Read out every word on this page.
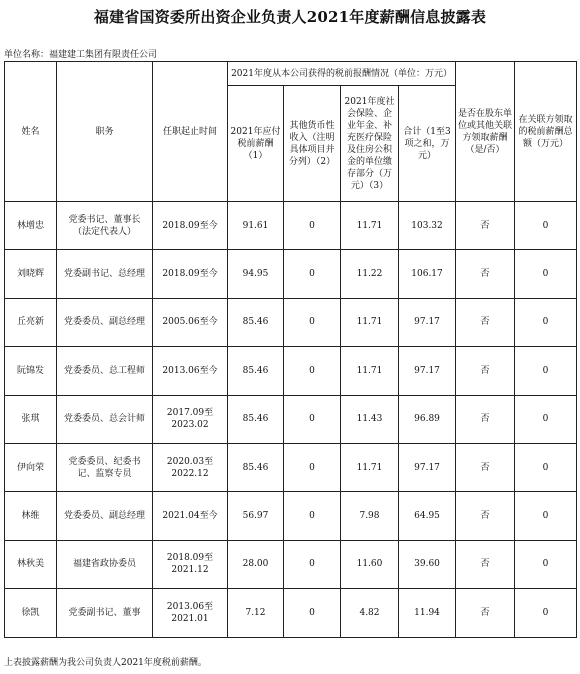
福建省国资委所出资企业负责人2021年度薪酬信息披露表
单位名称：福建建工集团有限责任公司
姓名	职务	任职起止时间	2021年度从本公司获得的税前报酬情况（单位：万元）				是否在股东单位或其他关联方领取薪酬（是/否）	在关联方领取的税前薪酬总额（万元）

			2021年应付税前薪酬（1）	其他货币性收入（注明具体项目并分列）（2）	2021年度社会保险、企业年金、补充医疗保险及住房公积金的单位缴存部分（万元）（3）	合计（1至3项之和，万元）		

林增忠	党委书记、董事长（法定代表人）	2018.09至今	91.61	0	11.71	103.32	否	0
刘晓辉	党委副书记、总经理	2018.09至今	94.95	0	11.22	106.17	否	0
丘亮新	党委委员、副总经理	2005.06至今	85.46	0	11.71	97.17	否	0
阮锦发	党委委员、总工程师	2013.06至今	85.46	0	11.71	97.17	否	0
张琪	党委委员、总会计师	2017.09至2023.02	85.46	0	11.43	96.89	否	0
伊向荣	党委委员、纪委书记、监察专员	2020.03至2022.12	85.46	0	11.71	97.17	否	0
林维	党委委员、副总经理	2021.04至今	56.97	0	7.98	64.95	否	0
林秋美	福建省政协委员	2018.09至2021.12	28.00	0	11.60	39.60	否	0
徐凯	党委副书记、董事	2013.06至2021.01	7.12	0	4.82	11.94	否	0
上表披露薪酬为我公司负责人2021年度税前薪酬。
